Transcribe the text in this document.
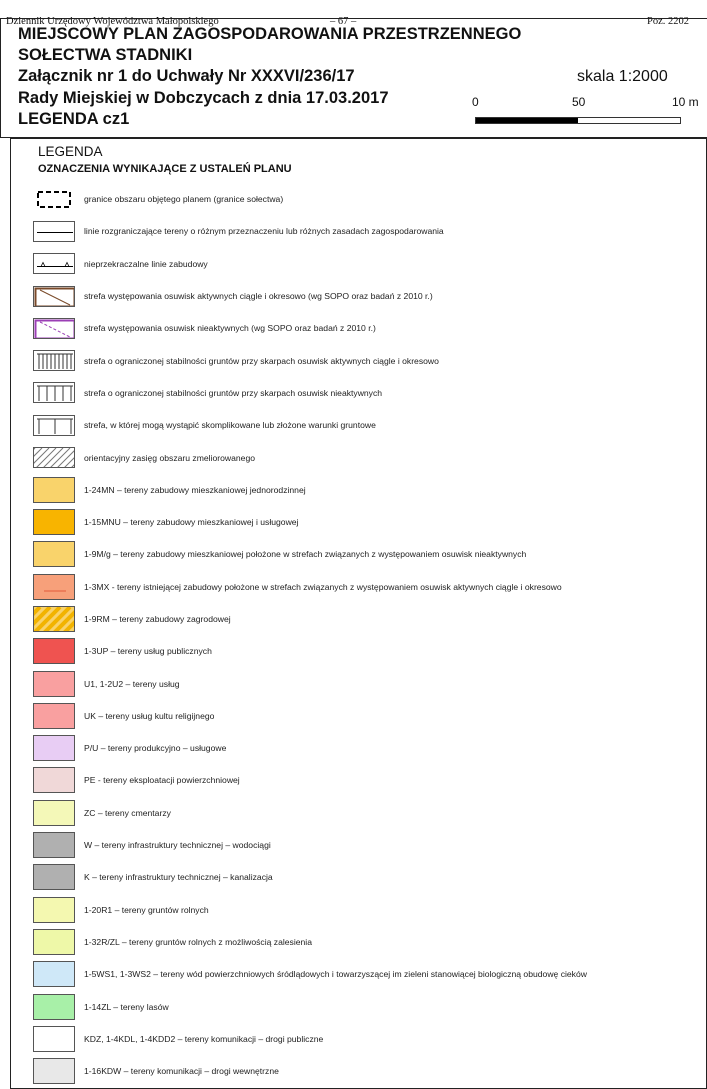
Dziennik Urzędowy Województwa Małopolskiego	– 67 –	Poz. 2202
MIEJSCOWY PLAN ZAGOSPODAROWANIA PRZESTRZENNEGO
SOŁECTWA STADNIKI
Załącznik nr 1 do Uchwały Nr XXXVI/236/17
Rady Miejskiej w Dobczycach z dnia 17.03.2017
LEGENDA cz1
skala 1:2000
0	50	10 m
LEGENDA
OZNACZENIA WYNIKAJĄCE Z USTALEŃ PLANU
granice obszaru objętego planem (granice sołectwa)
linie rozgraniczające tereny o różnym przeznaczeniu lub różnych zasadach zagospodarowania
nieprzekraczalne linie zabudowy
strefa występowania osuwisk aktywnych ciągle i okresowo (wg SOPO oraz badań z 2010 r.)
strefa występowania osuwisk nieaktywnych (wg SOPO oraz badań z 2010 r.)
strefa o ograniczonej stabilności gruntów przy skarpach osuwisk aktywnych ciągle i okresowo
strefa o ograniczonej stabilności gruntów przy skarpach osuwisk nieaktywnych
strefa, w której mogą wystąpić skomplikowane lub złożone warunki gruntowe
orientacyjny zasięg obszaru zmeliorowanego
1-24MN – tereny zabudowy mieszkaniowej jednorodzinnej
1-15MNU – tereny zabudowy mieszkaniowej i usługowej
1-9M/g – tereny zabudowy mieszkaniowej położone w strefach związanych z występowaniem osuwisk nieaktywnych
1-3MX - tereny istniejącej zabudowy położone w strefach związanych z występowaniem osuwisk aktywnych ciągle i okresowo
1-9RM – tereny zabudowy zagrodowej
1-3UP – tereny usług publicznych
U1, 1-2U2 – tereny usług
UK – tereny usług kultu religijnego
P/U – tereny produkcyjno – usługowe
PE - tereny eksploatacji powierzchniowej
ZC – tereny cmentarzy
W – tereny infrastruktury technicznej – wodociągi
K – tereny infrastruktury technicznej – kanalizacja
1-20R1 – tereny gruntów rolnych
1-32R/ZL – tereny gruntów rolnych z możliwością zalesienia
1-5WS1, 1-3WS2 – tereny wód powierzchniowych śródlądowych i towarzyszącej im zieleni stanowiącej biologiczną obudowę cieków
1-14ZL – tereny lasów
KDZ, 1-4KDL, 1-4KDD2 – tereny komunikacji – drogi publiczne
1-16KDW – tereny komunikacji – drogi wewnętrzne
